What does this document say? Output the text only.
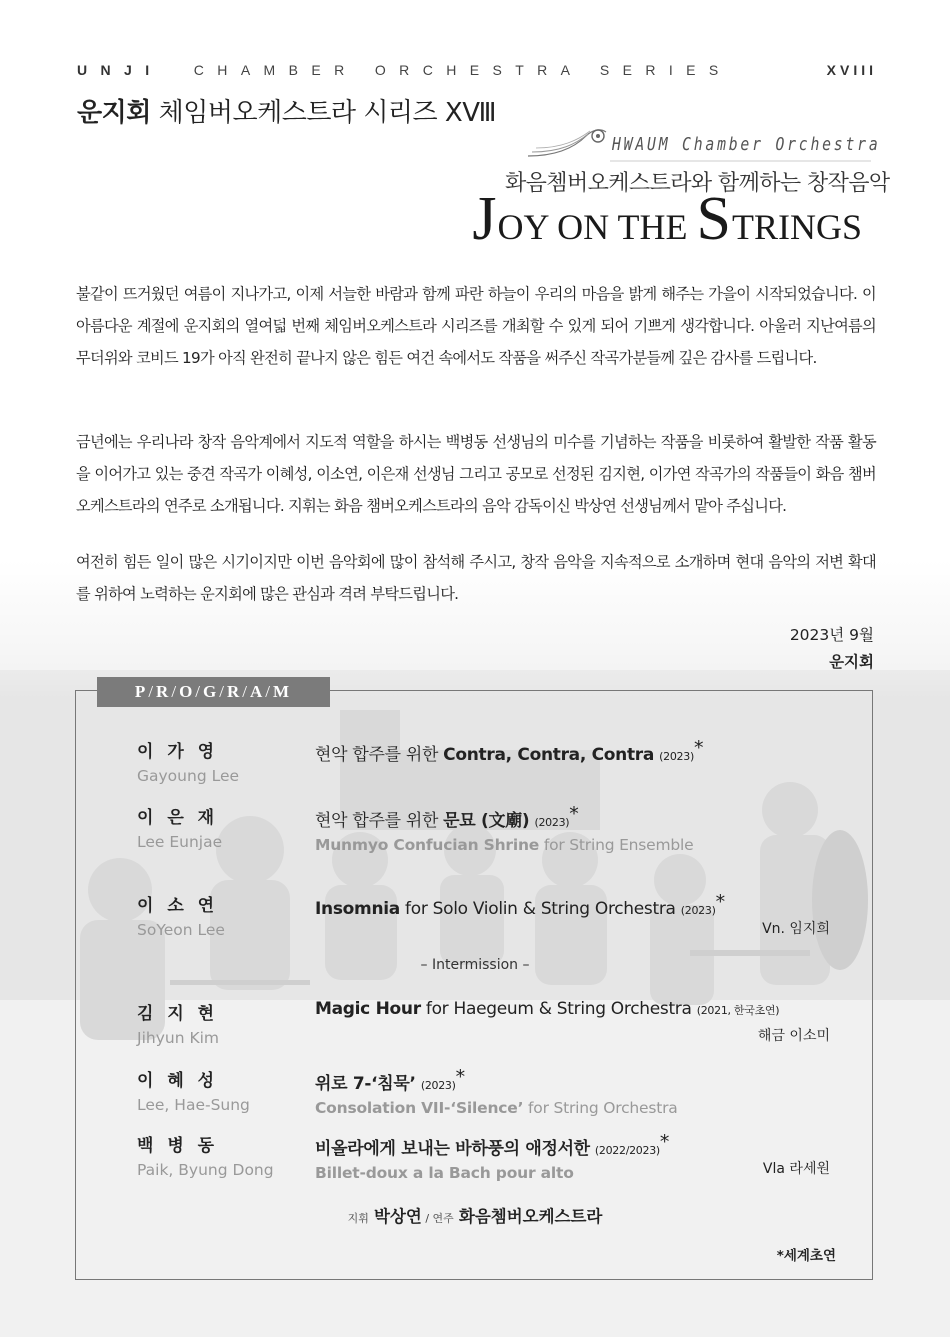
UNJI CHAMBER ORCHESTRA SERIES	XVIII
운지회 체임버오케스트라 시리즈 XⅧ
HWAUM Chamber Orchestra
화음쳄버오케스트라와 함께하는 창작음악
JOY ON THE STRINGS

불같이 뜨거웠던 여름이 지나가고, 이제 서늘한 바람과 함께 파란 하늘이 우리의 마음을 밝게 해주는 가을이 시작되었습니다. 이 아름다운 계절에 운지회의 열여덟 번째 체임버오케스트라 시리즈를 개최할 수 있게 되어 기쁘게 생각합니다. 아울러 지난여름의 무더위와 코비드 19가 아직 완전히 끝나지 않은 힘든 여건 속에서도 작품을 써주신 작곡가분들께 깊은 감사를 드립니다.

금년에는 우리나라 창작 음악계에서 지도적 역할을 하시는 백병동 선생님의 미수를 기념하는 작품을 비롯하여 활발한 작품 활동을 이어가고 있는 중견 작곡가 이혜성, 이소연, 이은재 선생님 그리고 공모로 선정된 김지현, 이가연 작곡가의 작품들이 화음 챔버오케스트라의 연주로 소개됩니다. 지휘는 화음 챔버오케스트라의 음악 감독이신 박상연 선생님께서 맡아 주십니다.

여전히 힘든 일이 많은 시기이지만 이번 음악회에 많이 참석해 주시고, 창작 음악을 지속적으로 소개하며 현대 음악의 저변 확대를 위하여 노력하는 운지회에 많은 관심과 격려 부탁드립니다.

2023년 9월
운지회
P/R/O/G/R/A/M
이 가 영
Gayoung Lee
현악 합주를 위한 Contra, Contra, Contra (2023)*
이 은 재
Lee Eunjae
현악 합주를 위한 문묘 (文廟) (2023)*
Munmyo Confucian Shrine for String Ensemble
이 소 연
SoYeon Lee
Insomnia for Solo Violin & String Orchestra (2023)*
Vn. 임지희
– Intermission –
김 지 현
Jihyun Kim
Magic Hour for Haegeum & String Orchestra (2021, 한국초연)
해금 이소미
이 혜 성
Lee, Hae-Sung
위로 7-‘침묵’ (2023)*
Consolation VII-‘Silence’ for String Orchestra
백 병 동
Paik, Byung Dong
비올라에게 보내는 바하풍의 애정서한 (2022/2023)*
Billet-doux a la Bach pour alto	Vla 라세원
지휘 박상연 / 연주 화음쳄버오케스트라
*세계초연
